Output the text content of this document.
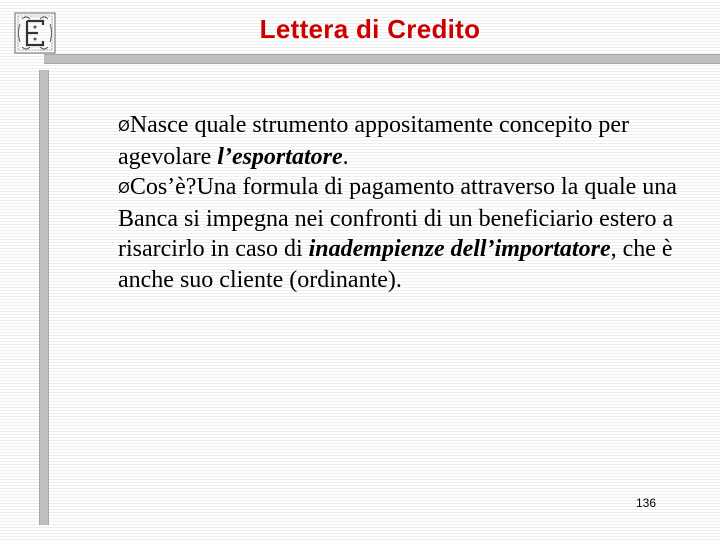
Lettera di Credito

ØNasce quale strumento appositamente concepito per agevolare l’esportatore.

ØCos’è?Una formula di pagamento attraverso la quale una Banca si impegna nei confronti di un beneficiario estero a risarcirlo in caso di inadempienze dell’importatore, che è anche suo cliente (ordinante).

136
